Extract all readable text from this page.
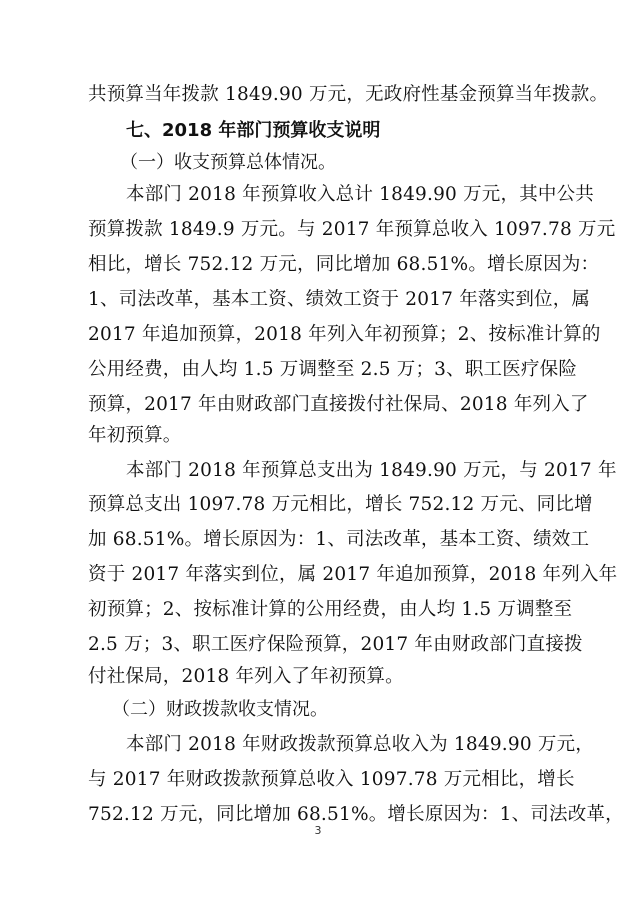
共预算当年拨款 1849.90 万元，无政府性基金预算当年拨款。
七、2018 年部门预算收支说明
（一）收支预算总体情况。
本部门 2018 年预算收入总计 1849.90 万元，其中公共
预算拨款 1849.9 万元。与 2017 年预算总收入 1097.78 万元
相比，增长 752.12 万元，同比增加 68.51%。增长原因为：
1、司法改革，基本工资、绩效工资于 2017 年落实到位，属
2017 年追加预算，2018 年列入年初预算；2、按标准计算的
公用经费，由人均 1.5 万调整至 2.5 万；3、职工医疗保险
预算，2017 年由财政部门直接拨付社保局、2018 年列入了
年初预算。
本部门 2018 年预算总支出为 1849.90 万元，与 2017 年
预算总支出 1097.78 万元相比，增长 752.12 万元、同比增
加 68.51%。增长原因为：1、司法改革，基本工资、绩效工
资于 2017 年落实到位，属 2017 年追加预算，2018 年列入年
初预算；2、按标准计算的公用经费，由人均 1.5 万调整至
2.5 万；3、职工医疗保险预算，2017 年由财政部门直接拨
付社保局，2018 年列入了年初预算。
（二）财政拨款收支情况。
本部门 2018 年财政拨款预算总收入为 1849.90 万元，
与 2017 年财政拨款预算总收入 1097.78 万元相比，增长
752.12 万元，同比增加 68.51%。增长原因为：1、司法改革，
3
